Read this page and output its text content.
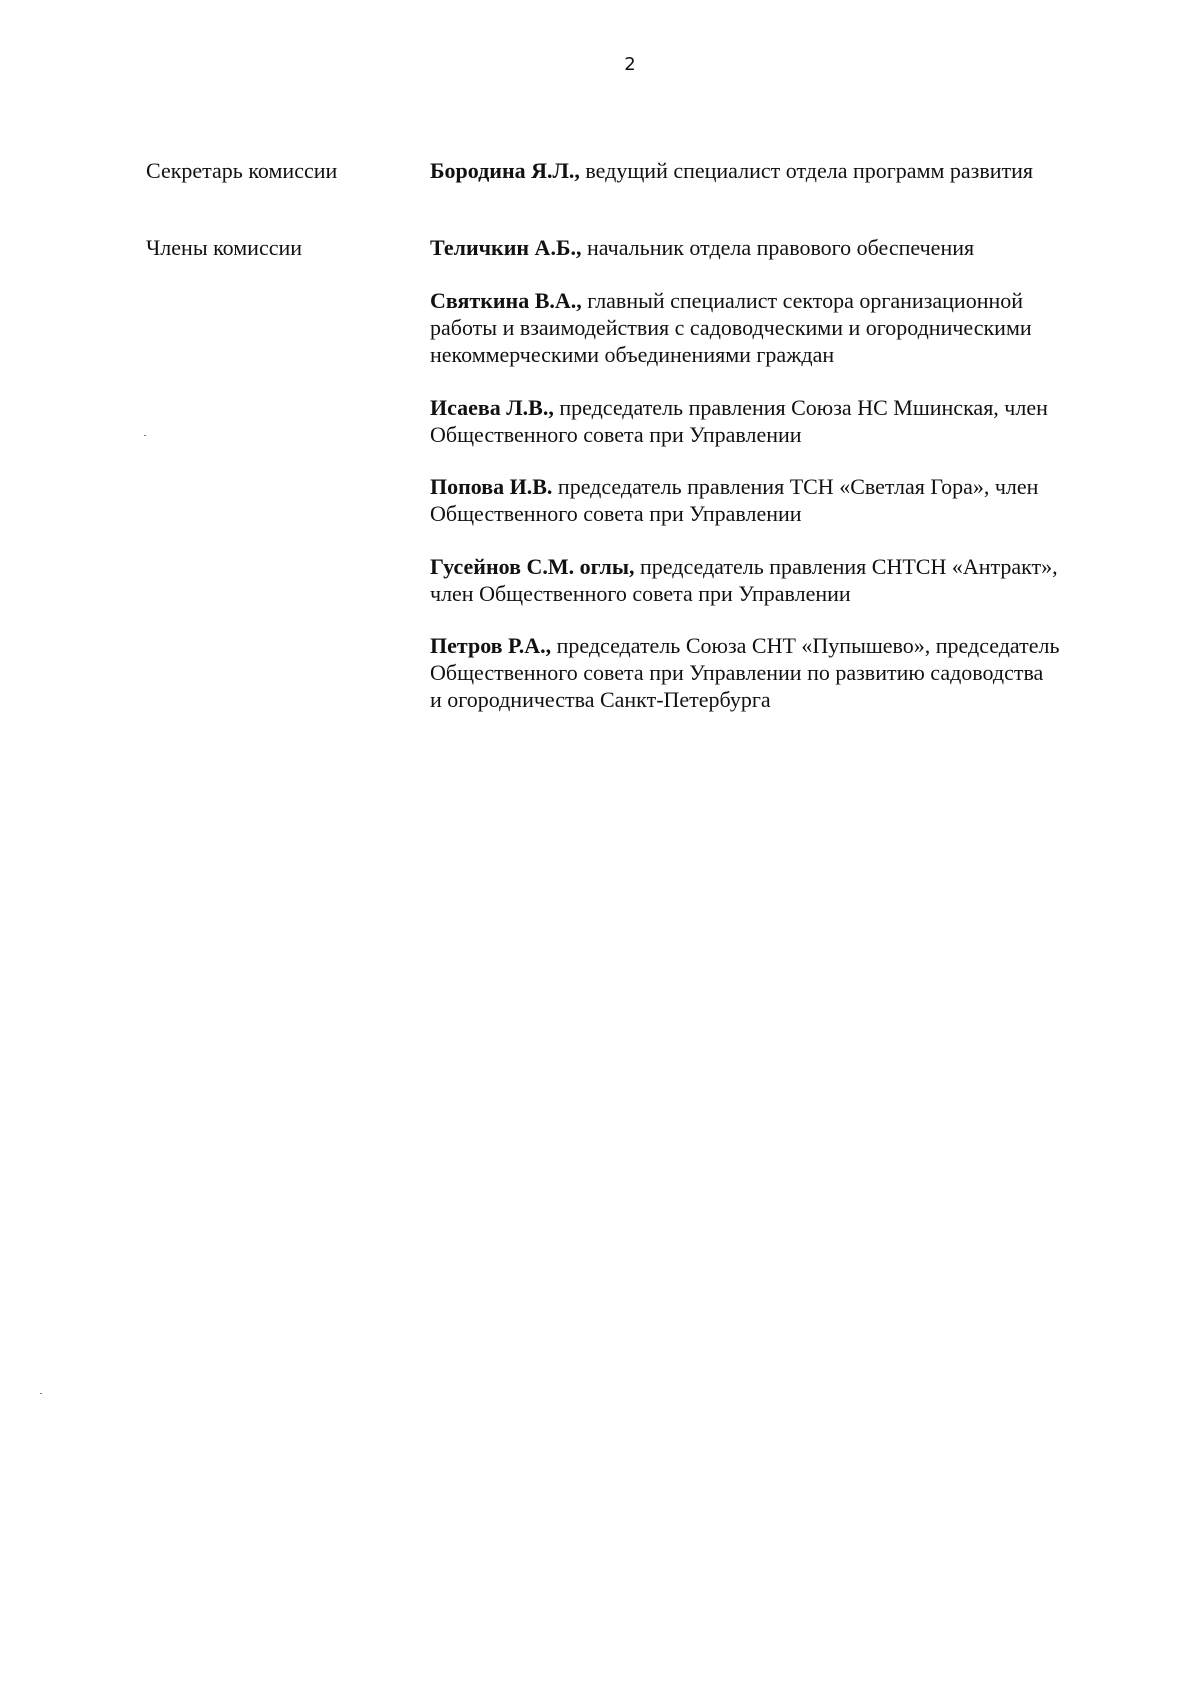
2
Секретарь комиссии	Бородина Я.Л., ведущий специалист отдела программ развития
Члены комиссии	Теличкин А.Б., начальник отдела правового обеспечения
Святкина В.А., главный специалист сектора организационной
работы и взаимодействия с садоводческими и огородническими
некоммерческими объединениями граждан
Исаева Л.В., председатель правления Союза НС Мшинская, член
Общественного совета при Управлении
Попова И.В. председатель правления ТСН «Светлая Гора», член
Общественного совета при Управлении
Гусейнов С.М. оглы, председатель правления СНТСН «Антракт»,
член Общественного совета при Управлении
Петров Р.А., председатель Союза СНТ «Пупышево», председатель
Общественного совета при Управлении по развитию садоводства
и огородничества Санкт-Петербурга
